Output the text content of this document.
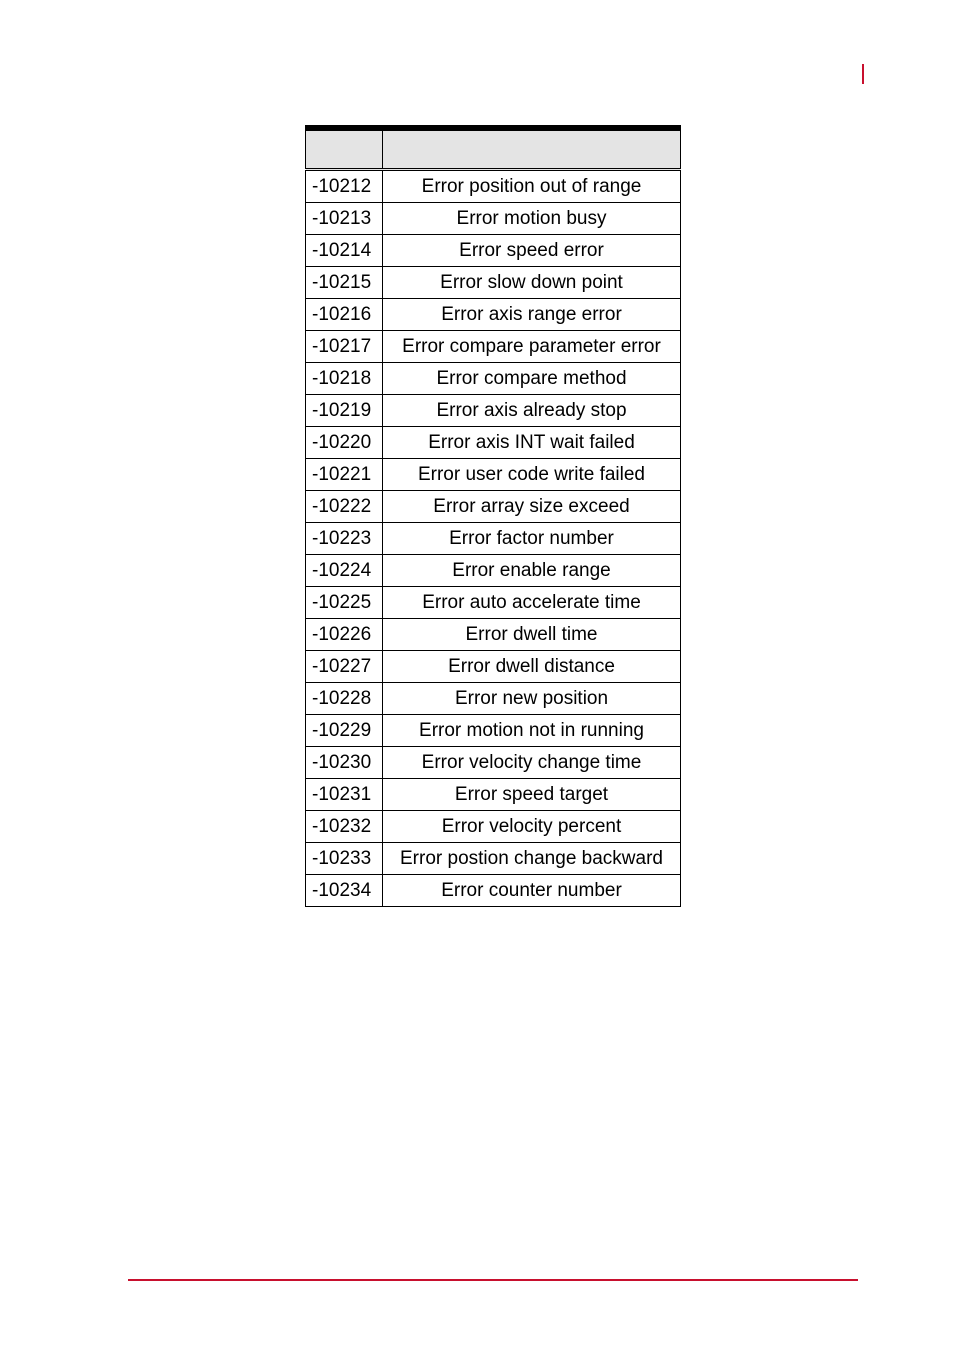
-10212	Error position out of range
-10213	Error motion busy
-10214	Error speed error
-10215	Error slow down point
-10216	Error axis range error
-10217	Error compare parameter error
-10218	Error compare method
-10219	Error axis already stop
-10220	Error axis INT wait failed
-10221	Error user code write failed
-10222	Error array size exceed
-10223	Error factor number
-10224	Error enable range
-10225	Error auto accelerate time
-10226	Error dwell time
-10227	Error dwell distance
-10228	Error new position
-10229	Error motion not in running
-10230	Error velocity change time
-10231	Error speed target
-10232	Error velocity percent
-10233	Error postion change backward
-10234	Error counter number
